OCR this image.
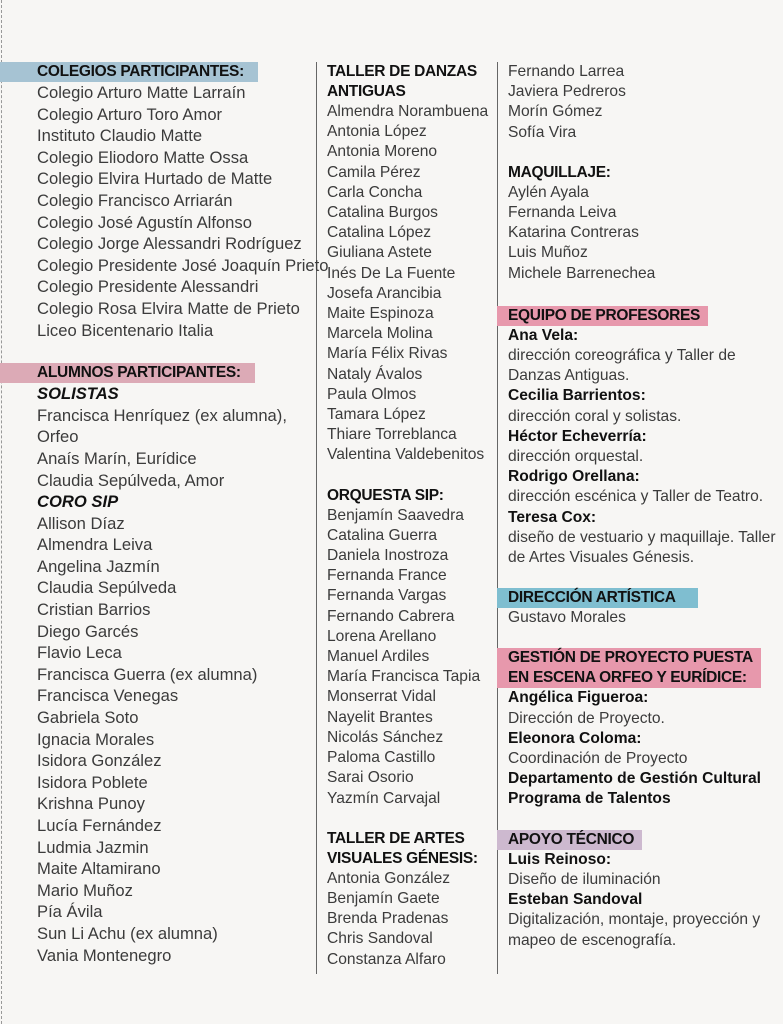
COLEGIOS PARTICIPANTES:
Colegio Arturo Matte Larraín
Colegio Arturo Toro Amor
Instituto Claudio Matte
Colegio Eliodoro Matte Ossa
Colegio Elvira Hurtado de Matte
Colegio Francisco Arriarán
Colegio José Agustín Alfonso
Colegio Jorge Alessandri Rodríguez
Colegio Presidente José Joaquín Prieto
Colegio Presidente Alessandri
Colegio Rosa Elvira Matte de Prieto
Liceo Bicentenario Italia
ALUMNOS PARTICIPANTES:
SOLISTAS
Francisca Henríquez (ex alumna),
Orfeo
Anaís Marín, Eurídice
Claudia Sepúlveda, Amor
CORO SIP
Allison Díaz
Almendra Leiva
Angelina Jazmín
Claudia Sepúlveda
Cristian Barrios
Diego Garcés
Flavio Leca
Francisca Guerra (ex alumna)
Francisca Venegas
Gabriela Soto
Ignacia Morales
Isidora González
Isidora Poblete
Krishna Punoy
Lucía Fernández
Ludmia Jazmin
Maite Altamirano
Mario Muñoz
Pía Ávila
Sun Li Achu (ex alumna)
Vania Montenegro
TALLER DE DANZAS
ANTIGUAS
Almendra Norambuena
Antonia López
Antonia Moreno
Camila Pérez
Carla Concha
Catalina Burgos
Catalina López
Giuliana Astete
Inés De La Fuente
Josefa Arancibia
Maite Espinoza
Marcela Molina
María Félix Rivas
Nataly Ávalos
Paula Olmos
Tamara López
Thiare Torreblanca
Valentina Valdebenitos
ORQUESTA SIP:
Benjamín Saavedra
Catalina Guerra
Daniela Inostroza
Fernanda France
Fernanda Vargas
Fernando Cabrera
Lorena Arellano
Manuel Ardiles
María Francisca Tapia
Monserrat Vidal
Nayelit Brantes
Nicolás Sánchez
Paloma Castillo
Sarai Osorio
Yazmín Carvajal
TALLER DE ARTES
VISUALES GÉNESIS:
Antonia González
Benjamín Gaete
Brenda Pradenas
Chris Sandoval
Constanza Alfaro
Fernando Larrea
Javiera Pedreros
Morín Gómez
Sofía Vira
MAQUILLAJE:
Aylén Ayala
Fernanda Leiva
Katarina Contreras
Luis Muñoz
Michele Barrenechea
EQUIPO DE PROFESORES
Ana Vela:
dirección coreográfica y Taller de Danzas Antiguas.
Cecilia Barrientos:
dirección coral y solistas.
Héctor Echeverría:
dirección orquestal.
Rodrigo Orellana:
dirección escénica y Taller de Teatro.
Teresa Cox:
diseño de vestuario y maquillaje. Taller de Artes Visuales Génesis.
DIRECCIÓN ARTÍSTICA
Gustavo Morales
GESTIÓN DE PROYECTO PUESTA
EN ESCENA ORFEO Y EURÍDICE:
Angélica Figueroa:
Dirección de Proyecto.
Eleonora Coloma:
Coordinación de Proyecto
Departamento de Gestión Cultural
Programa de Talentos
APOYO TÉCNICO
Luis Reinoso:
Diseño de iluminación
Esteban Sandoval
Digitalización, montaje, proyección y mapeo de escenografía.
